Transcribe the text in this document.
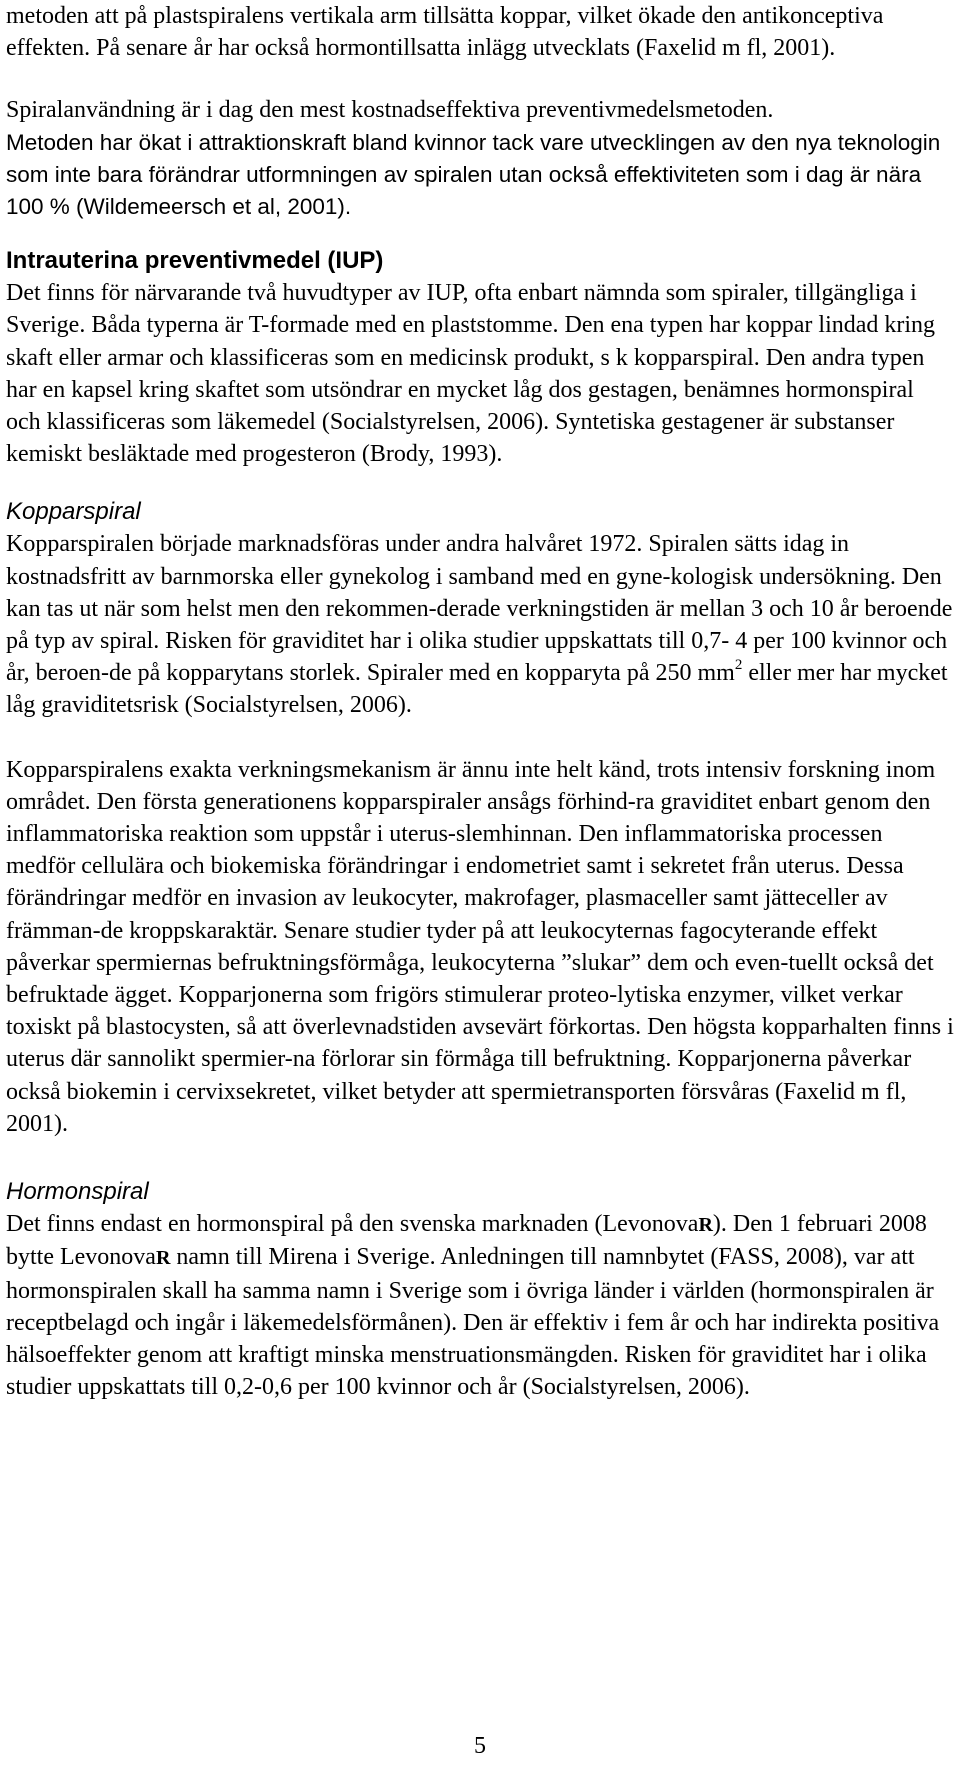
metoden att på plastspiralens vertikala arm tillsätta koppar, vilket ökade den antikonceptiva effekten. På senare år har också hormontillsatta inlägg utvecklats (Faxelid m fl, 2001).

Spiralanvändning är i dag den mest kostnadseffektiva preventivmedelsmetoden.

Metoden har ökat i attraktionskraft bland kvinnor tack vare utvecklingen av den nya teknologin som inte bara förändrar utformningen av spiralen utan också effektiviteten som i dag är nära 100 % (Wildemeersch et al, 2001).

Intrauterina preventivmedel (IUP)

Det finns för närvarande två huvudtyper av IUP, ofta enbart nämnda som spiraler, tillgängliga i Sverige. Båda typerna är T-formade med en plaststomme. Den ena typen har koppar lindad kring skaft eller armar och klassificeras som en medicinsk produkt, s k kopparspiral. Den andra typen har en kapsel kring skaftet som utsöndrar en mycket låg dos gestagen, benämnes hormonspiral och klassificeras som läkemedel (Socialstyrelsen, 2006). Syntetiska gestagener är substanser kemiskt besläktade med progesteron (Brody, 1993).

Kopparspiral

Kopparspiralen började marknadsföras under andra halvåret 1972. Spiralen sätts idag in kostnadsfritt av barnmorska eller gynekolog i samband med en gyne-kologisk undersökning. Den kan tas ut när som helst men den rekommen-derade verkningstiden är mellan 3 och 10 år beroende på typ av spiral. Risken för graviditet har i olika studier uppskattats till 0,7- 4 per 100 kvinnor och år, beroen-de på kopparytans storlek. Spiraler med en kopparyta på 250 $mm^2$ eller mer har mycket låg graviditetsrisk (Socialstyrelsen, 2006).

Kopparspiralens exakta verkningsmekanism är ännu inte helt känd, trots intensiv forskning inom området. Den första generationens kopparspiraler ansågs förhind-ra graviditet enbart genom den inflammatoriska reaktion som uppstår i uterus-slemhinnan. Den inflammatoriska processen medför cellulära och biokemiska förändringar i endometriet samt i sekretet från uterus. Dessa förändringar medför en invasion av leukocyter, makrofager, plasmaceller samt jätteceller av främman-de kroppskaraktär. Senare studier tyder på att leukocyternas fagocyterande effekt påverkar spermiernas befruktningsförmåga, leukocyterna ”slukar” dem och even-tuellt också det befruktade ägget. Kopparjonerna som frigörs stimulerar proteo-lytiska enzymer, vilket verkar toxiskt på blastocysten, så att överlevnadstiden avsevärt förkortas. Den högsta kopparhalten finns i uterus där sannolikt spermier-na förlorar sin förmåga till befruktning. Kopparjonerna påverkar också biokemin i cervixsekretet, vilket betyder att spermietransporten försvåras (Faxelid m fl, 2001).

Hormonspiral

Det finns endast en hormonspiral på den svenska marknaden (LevonovaR). Den 1 februari 2008 bytte LevonovaR namn till Mirena i Sverige. Anledningen till namnbytet (FASS, 2008), var att hormonspiralen skall ha samma namn i Sverige som i övriga länder i världen (hormonspiralen är receptbelagd och ingår i läkemedelsförmånen). Den är effektiv i fem år och har indirekta positiva hälsoeffekter genom att kraftigt minska menstruationsmängden. Risken för graviditet har i olika studier uppskattats till 0,2-0,6 per 100 kvinnor och år (Socialstyrelsen, 2006).

5
